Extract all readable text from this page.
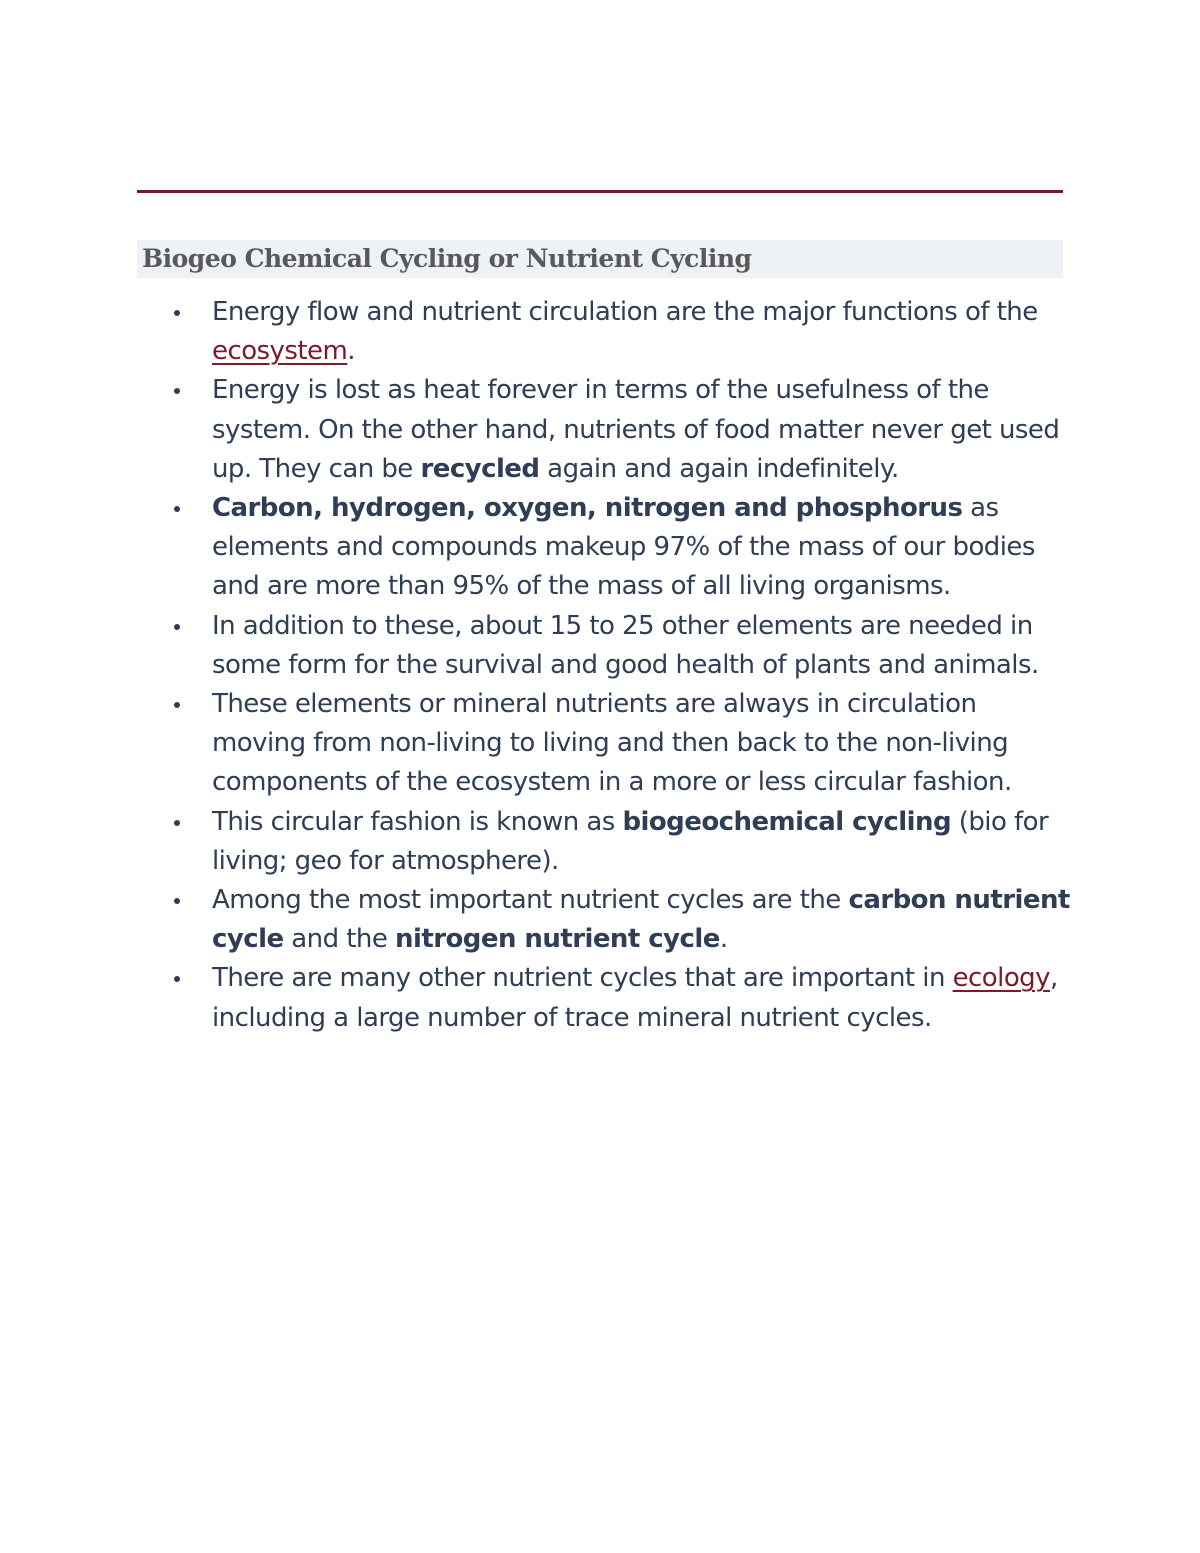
Biogeo Chemical Cycling or Nutrient Cycling
Energy flow and nutrient circulation are the major functions of the ecosystem.
Energy is lost as heat forever in terms of the usefulness of the system. On the other hand, nutrients of food matter never get used up. They can be recycled again and again indefinitely.
Carbon, hydrogen, oxygen, nitrogen and phosphorus as elements and compounds makeup 97% of the mass of our bodies and are more than 95% of the mass of all living organisms.
In addition to these, about 15 to 25 other elements are needed in some form for the survival and good health of plants and animals.
These elements or mineral nutrients are always in circulation moving from non-living to living and then back to the non-living components of the ecosystem in a more or less circular fashion.
This circular fashion is known as biogeochemical cycling (bio for living; geo for atmosphere).
Among the most important nutrient cycles are the carbon nutrient cycle and the nitrogen nutrient cycle.
There are many other nutrient cycles that are important in ecology, including a large number of trace mineral nutrient cycles.
